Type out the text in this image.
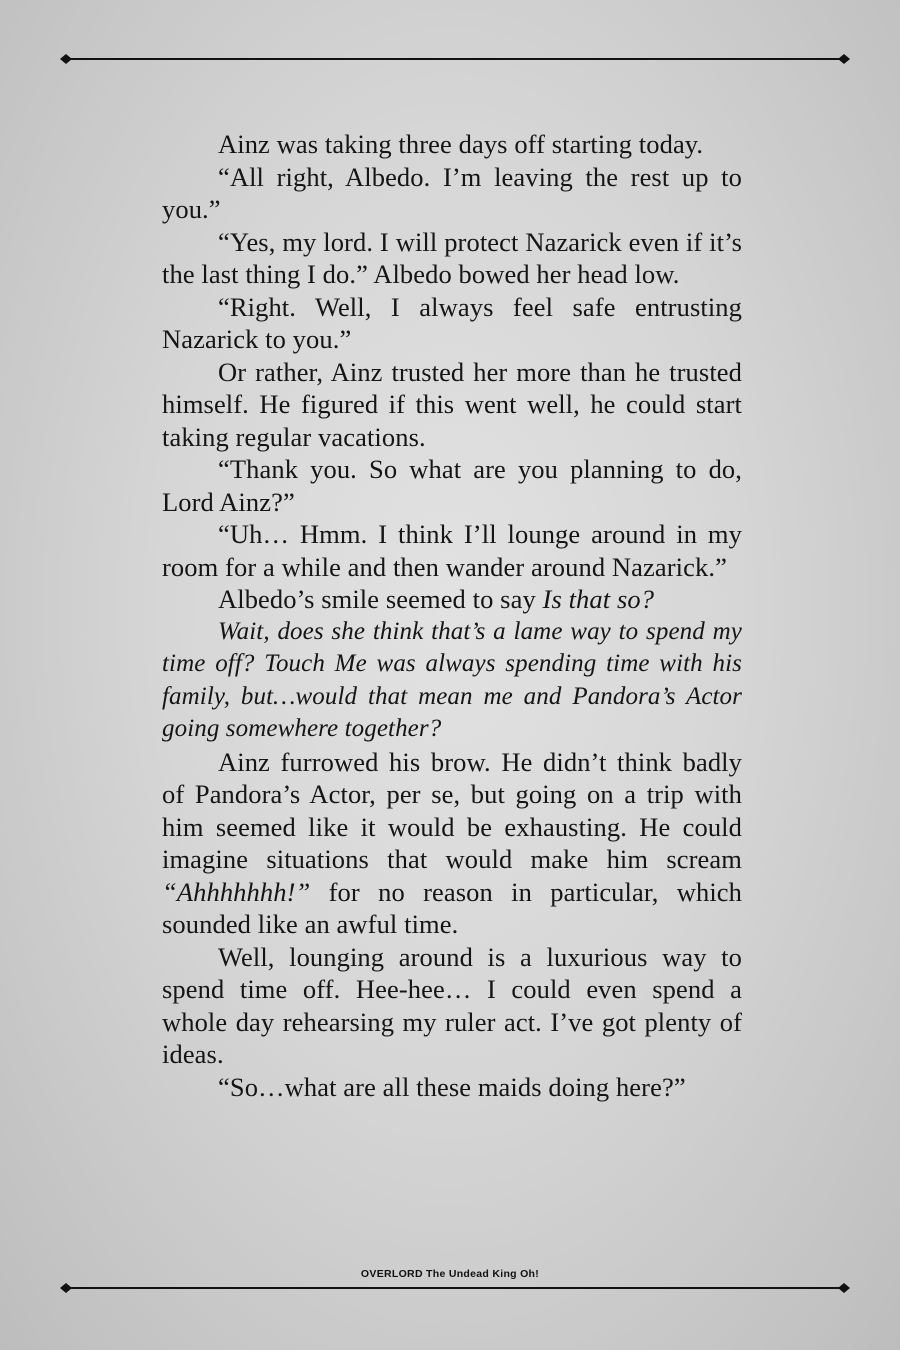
Ainz was taking three days off starting today.

“All right, Albedo. I’m leaving the rest up to you.”

“Yes, my lord. I will protect Nazarick even if it’s the last thing I do.” Albedo bowed her head low.

“Right. Well, I always feel safe entrusting Nazarick to you.”

Or rather, Ainz trusted her more than he trusted himself. He figured if this went well, he could start taking regular vacations.

“Thank you. So what are you planning to do, Lord Ainz?”

“Uh… Hmm. I think I’ll lounge around in my room for a while and then wander around Nazarick.”

Albedo’s smile seemed to say Is that so?

Wait, does she think that’s a lame way to spend my time off? Touch Me was always spending time with his family, but…would that mean me and Pandora’s Actor going somewhere together?

Ainz furrowed his brow. He didn’t think badly of Pandora’s Actor, per se, but going on a trip with him seemed like it would be exhausting. He could imagine situations that would make him scream “Ahhhhhhh!” for no reason in particular, which sounded like an awful time.

Well, lounging around is a luxurious way to spend time off. Hee-hee… I could even spend a whole day rehearsing my ruler act. I’ve got plenty of ideas.

“So…what are all these maids doing here?”

OVERLORD The Undead King Oh!
